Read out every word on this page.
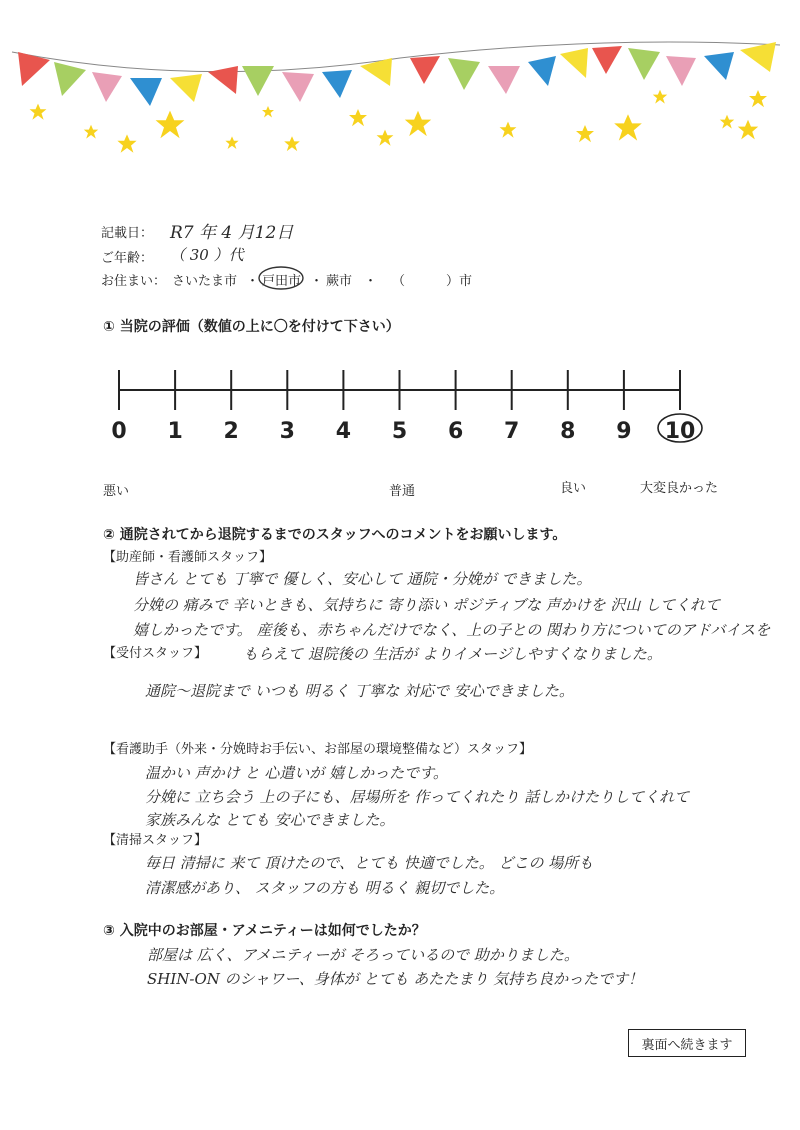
記載日： R7 年 4 月12日
ご年齢： （ 30 ）代
お住まい： さいたま市 ・ 戸田市 ・ 蕨市 ・ （	）市
① 当院の評価（数値の上に〇を付けて下さい）
0 1 2 3 4 5 6 7 8 9 10
悪い	普通	良い	大変良かった
② 通院されてから退院するまでのスタッフへのコメントをお願いします。
【助産師・看護師スタッフ】
皆さん とても 丁寧で 優しく、安心して 通院・分娩が できました。
分娩の 痛みで 辛いときも、気持ちに 寄り添い ポジティブな 声かけを 沢山 してくれて
嬉しかったです。 産後も、赤ちゃんだけでなく、上の子との 関わり方についてのアドバイスを
もらえて 退院後の 生活が よりイメージしやすくなりました。
【受付スタッフ】
通院～退院まで いつも 明るく 丁寧な 対応で 安心できました。
【看護助手（外来・分娩時お手伝い、お部屋の環境整備など）スタッフ】
温かい 声かけ と 心遣いが 嬉しかったです。
分娩に 立ち会う 上の子にも、居場所を 作ってくれたり 話しかけたりしてくれて
家族みんな とても 安心できました。
【清掃スタッフ】
毎日 清掃に 来て 頂けたので、とても 快適でした。 どこの 場所も
清潔感があり、 スタッフの方も 明るく 親切でした。
③ 入院中のお部屋・アメニティーは如何でしたか？
部屋は 広く、アメニティーが そろっているので 助かりました。
SHIN-ON のシャワー、身体が とても あたたまり 気持ち良かったです！
裏面へ続きます
